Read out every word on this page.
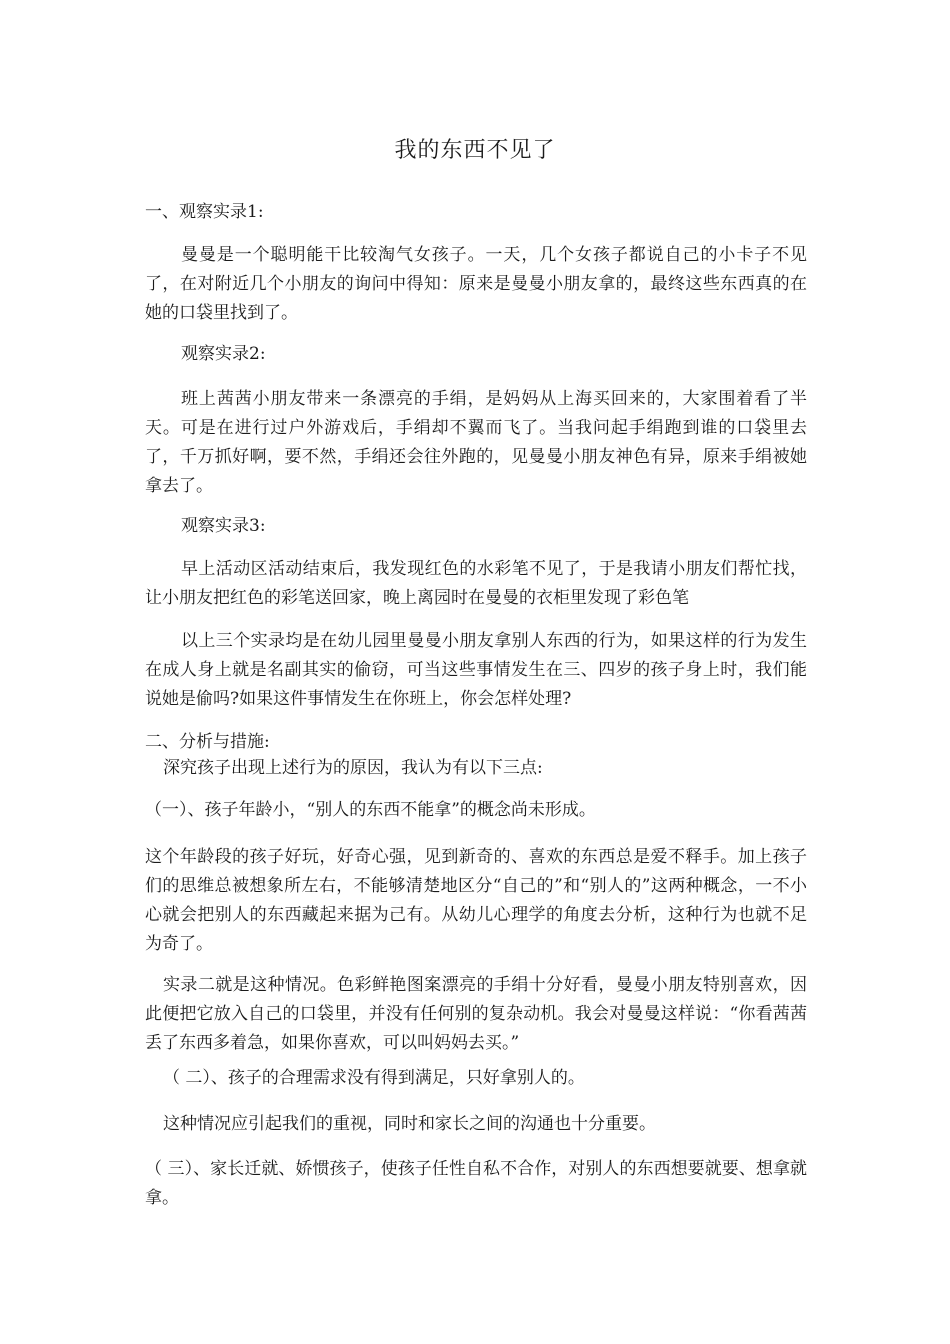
我的东西不见了
一、观察实录1:
曼曼是一个聪明能干比较淘气女孩子。一天，几个女孩子都说自己的小卡子不见了，在对附近几个小朋友的询问中得知：原来是曼曼小朋友拿的，最终这些东西真的在她的口袋里找到了。
观察实录2:
班上茜茜小朋友带来一条漂亮的手绢，是妈妈从上海买回来的，大家围着看了半天。可是在进行过户外游戏后，手绢却不翼而飞了。当我问起手绢跑到谁的口袋里去了，千万抓好啊，要不然，手绢还会往外跑的，见曼曼小朋友神色有异，原来手绢被她拿去了。
观察实录3:
早上活动区活动结束后，我发现红色的水彩笔不见了，于是我请小朋友们帮忙找，让小朋友把红色的彩笔送回家，晚上离园时在曼曼的衣柜里发现了彩色笔
以上三个实录均是在幼儿园里曼曼小朋友拿别人东西的行为，如果这样的行为发生在成人身上就是名副其实的偷窃，可当这些事情发生在三、四岁的孩子身上时，我们能说她是偷吗?如果这件事情发生在你班上，你会怎样处理?
二、分析与措施:
深究孩子出现上述行为的原因，我认为有以下三点:
（一）、孩子年龄小，“别人的东西不能拿”的概念尚未形成。
这个年龄段的孩子好玩，好奇心强，见到新奇的、喜欢的东西总是爱不释手。加上孩子们的思维总被想象所左右，不能够清楚地区分“自己的”和“别人的”这两种概念，一不小心就会把别人的东西藏起来据为己有。从幼儿心理学的角度去分析，这种行为也就不足为奇了。
实录二就是这种情况。色彩鲜艳图案漂亮的手绢十分好看，曼曼小朋友特别喜欢，因此便把它放入自己的口袋里，并没有任何别的复杂动机。我会对曼曼这样说：“你看茜茜丢了东西多着急，如果你喜欢，可以叫妈妈去买。”
（ 二）、孩子的合理需求没有得到满足，只好拿别人的。
这种情况应引起我们的重视，同时和家长之间的沟通也十分重要。
（ 三）、家长迁就、娇惯孩子，使孩子任性自私不合作，对别人的东西想要就要、想拿就拿。
